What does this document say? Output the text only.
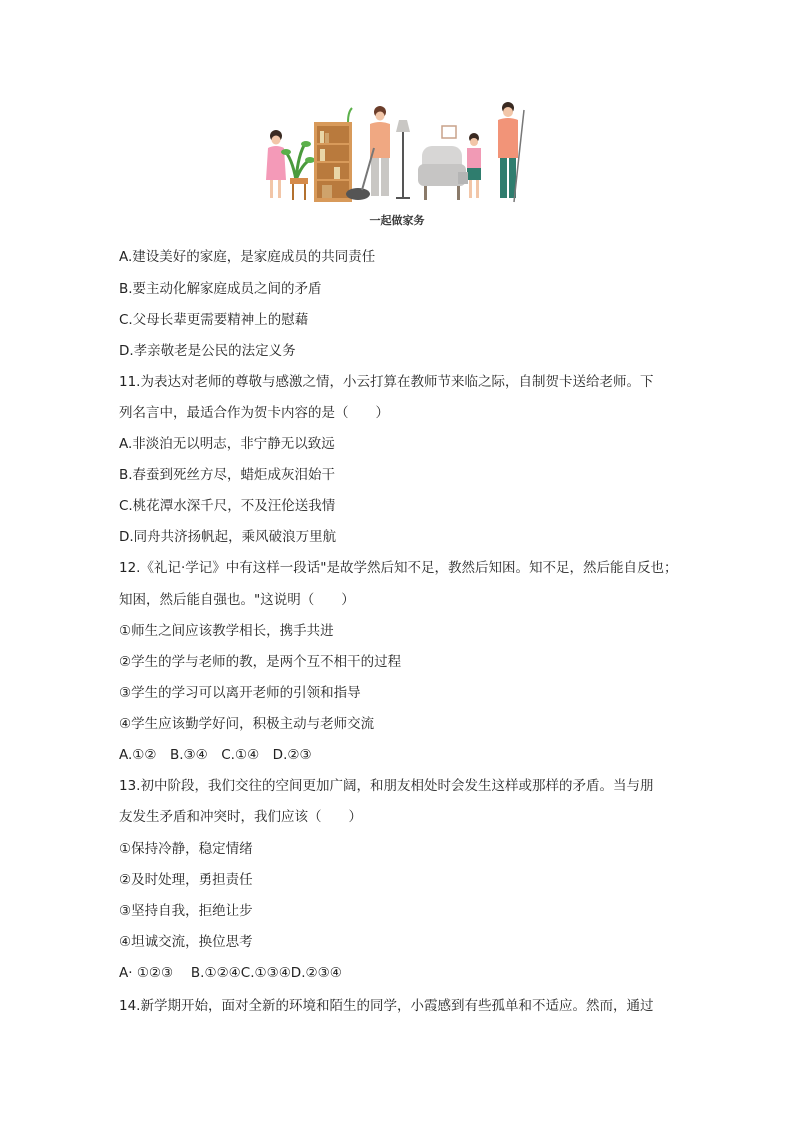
一起做家务
A.建设美好的家庭，是家庭成员的共同责任
B.要主动化解家庭成员之间的矛盾
C.父母长辈更需要精神上的慰藉
D.孝亲敬老是公民的法定义务
11.为表达对老师的尊敬与感激之情，小云打算在教师节来临之际，自制贺卡送给老师。下
列名言中，最适合作为贺卡内容的是（　　）
A.非淡泊无以明志，非宁静无以致远
B.春蚕到死丝方尽，蜡炬成灰泪始干
C.桃花潭水深千尺，不及汪伦送我情
D.同舟共济扬帆起，乘风破浪万里航
12.《礼记·学记》中有这样一段话"是故学然后知不足，教然后知困。知不足，然后能自反也；
知困，然后能自强也。"这说明（　　）
①师生之间应该教学相长，携手共进
②学生的学与老师的教，是两个互不相干的过程
③学生的学习可以离开老师的引领和指导
④学生应该勤学好问，积极主动与老师交流
A.①②　B.③④　C.①④　D.②③
13.初中阶段，我们交往的空间更加广阔，和朋友相处时会发生这样或那样的矛盾。当与朋
友发生矛盾和冲突时，我们应该（　　）
①保持冷静，稳定情绪
②及时处理，勇担责任
③坚持自我，拒绝让步
④坦诚交流，换位思考
A· ①②③　 B.①②④C.①③④D.②③④
14.新学期开始，面对全新的环境和陌生的同学，小霞感到有些孤单和不适应。然而，通过
